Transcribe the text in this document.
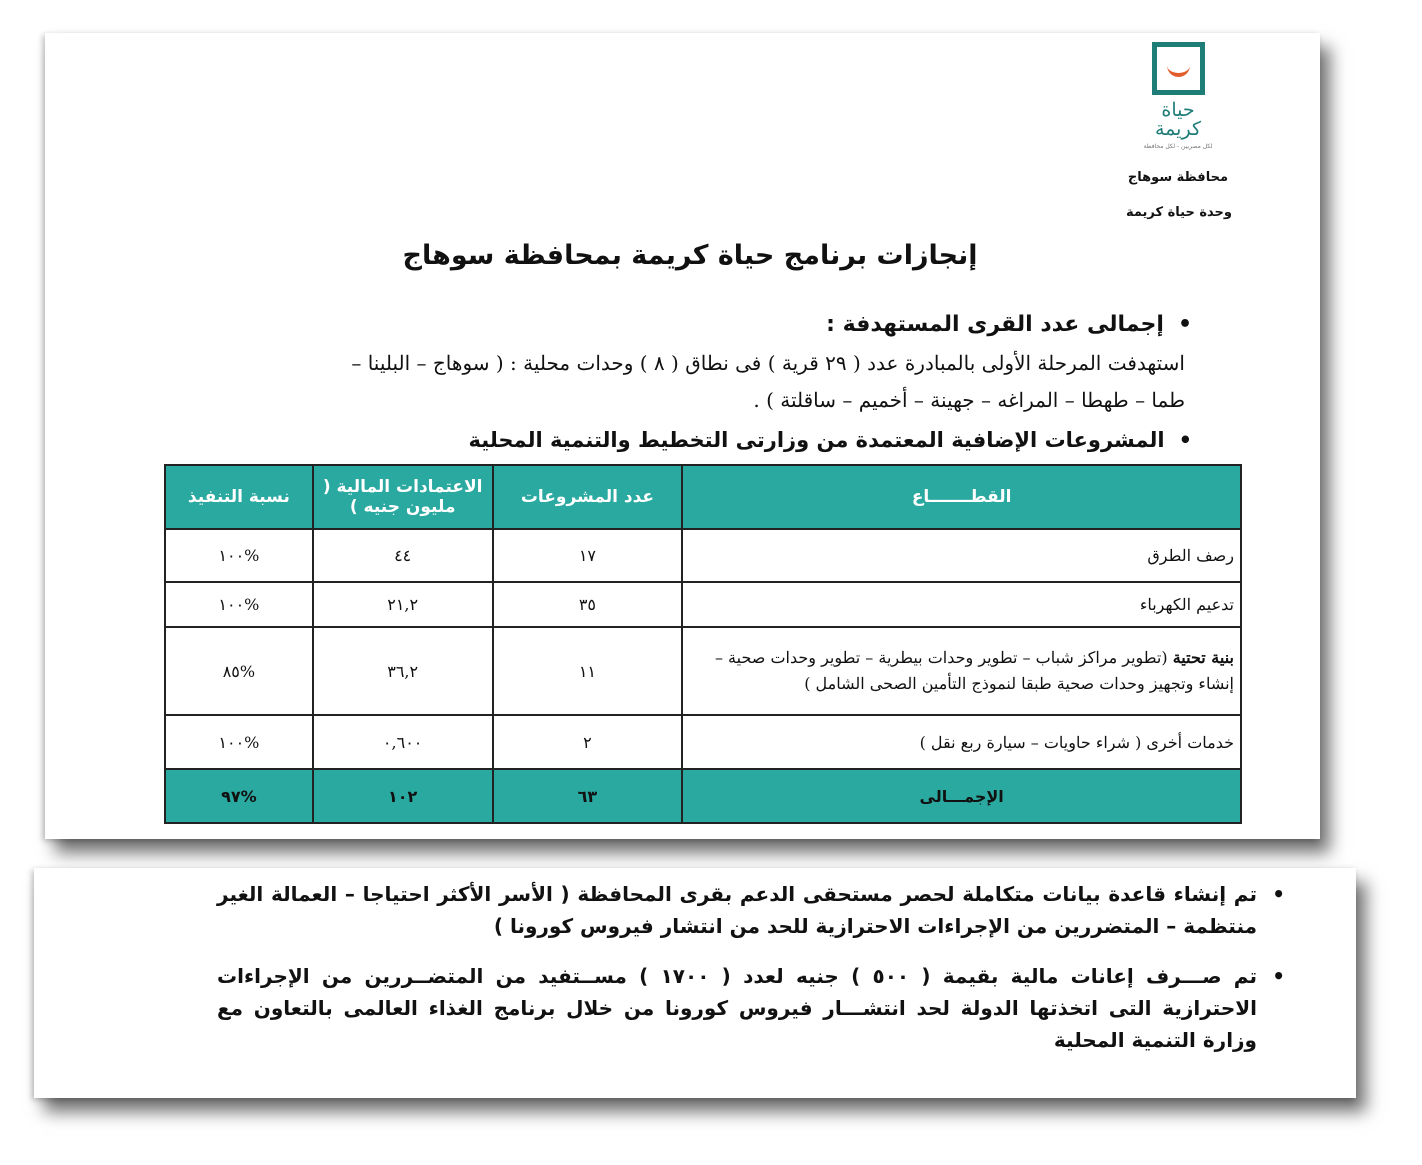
حياة كريمة
لكل مصريين - لكل محافظة
محافظة سوهاج
وحدة حياة كريمة
إنجازات برنامج حياة كريمة بمحافظة سوهاج
•إجمالى عدد القرى المستهدفة :
استهدفت المرحلة الأولى بالمبادرة عدد ( ٢٩ قرية ) فى نطاق ( ٨ ) وحدات محلية : ( سوهاج – البلينا –
طما – طهطا – المراغه – جهينة – أخميم – ساقلتة ) .
•المشروعات الإضافية المعتمدة من وزارتى التخطيط والتنمية المحلية
القطـــــــاع	عدد المشروعات	الاعتمادات المالية ( مليون جنيه )	نسبة التنفيذ
رصف الطرق	١٧	٤٤	%١٠٠
تدعيم الكهرباء	٣٥	٢١,٢	%١٠٠
بنية تحتية (تطوير مراكز شباب – تطوير وحدات بيطرية – تطوير وحدات صحية – إنشاء وتجهيز وحدات صحية طبقا لنموذج التأمين الصحى الشامل )	١١	٣٦,٢	%٨٥
خدمات أخرى ( شراء حاويات – سيارة ربع نقل )	٢	٠,٦٠٠	%١٠٠
الإجمـــالى	٦٣	١٠٢	%٩٧
•
تم إنشاء قاعدة بيانات متكاملة لحصر مستحقى الدعم بقرى المحافظة ( الأسر الأكثر احتياجا – العمالة الغير منتظمة – المتضررين من الإجراءات الاحترازية للحد من انتشار فيروس كورونا )
•
تم صـــرف إعانات مالية بقيمة ( ٥٠٠ ) جنيه لعدد ( ١٧٠٠ ) مســتفيد من المتضــررين من الإجراءات الاحترازية التى اتخذتها الدولة لحد انتشـــار فيروس كورونا من خلال برنامج الغذاء العالمى بالتعاون مع وزارة التنمية المحلية
